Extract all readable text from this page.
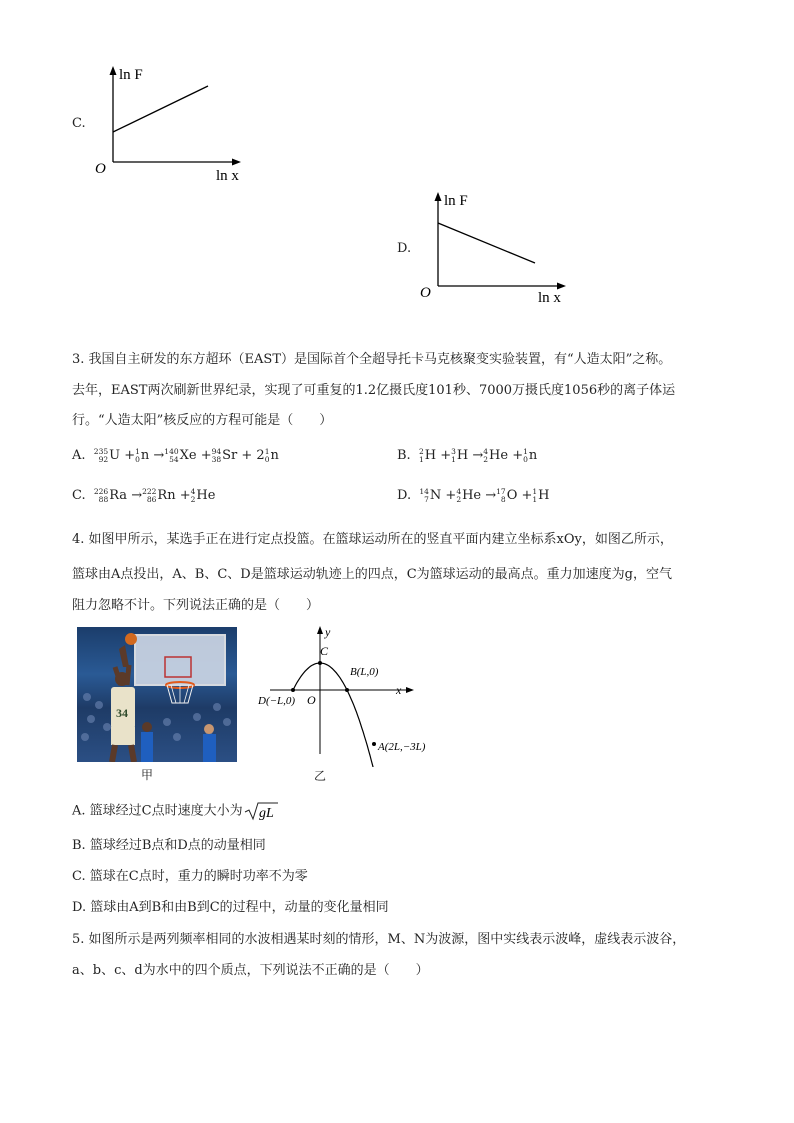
C.
ln F
O	ln x
D.
ln F
O	ln x
3. 我国自主研发的东方超环（EAST）是国际首个全超导托卡马克核聚变实验装置，有“人造太阳”之称。
去年，EAST两次刷新世界纪录，实现了可重复的1.2亿摄氏度101秒、7000万摄氏度1056秒的离子体运
行。“人造太阳”核反应的方程可能是（　　）
A. 235
92 U + 1
0 n → 140
54 Xe + 94
38 Sr + 2 1
0 n	B. 2
1 H + 3
1 H → 4
2 He + 1
0 n
C. 226
88 Ra → 222
86 Rn + 4
2 He	D. 14
7 N + 4
2 He → 17
8 O + 1
1 H
4. 如图甲所示，某选手正在进行定点投篮。在篮球运动所在的竖直平面内建立坐标系xOy，如图乙所示，
篮球由A点投出，A、B、C、D是篮球运动轨迹上的四点，C为篮球运动的最高点。重力加速度为g，空气
阻力忽略不计。下列说法正确的是（　　）
34
甲
y
x
C
O
B(L,0)
D(−L,0)
A(2L,−3L)
乙
A. 篮球经过C点时速度大小为 gL
B. 篮球经过B点和D点的动量相同
C. 篮球在C点时，重力的瞬时功率不为零
D. 篮球由A到B和由B到C的过程中，动量的变化量相同
5. 如图所示是两列频率相同的水波相遇某时刻的情形，M、N为波源，图中实线表示波峰，虚线表示波谷，
a、b、c、d为水中的四个质点，下列说法不正确的是（　　）
